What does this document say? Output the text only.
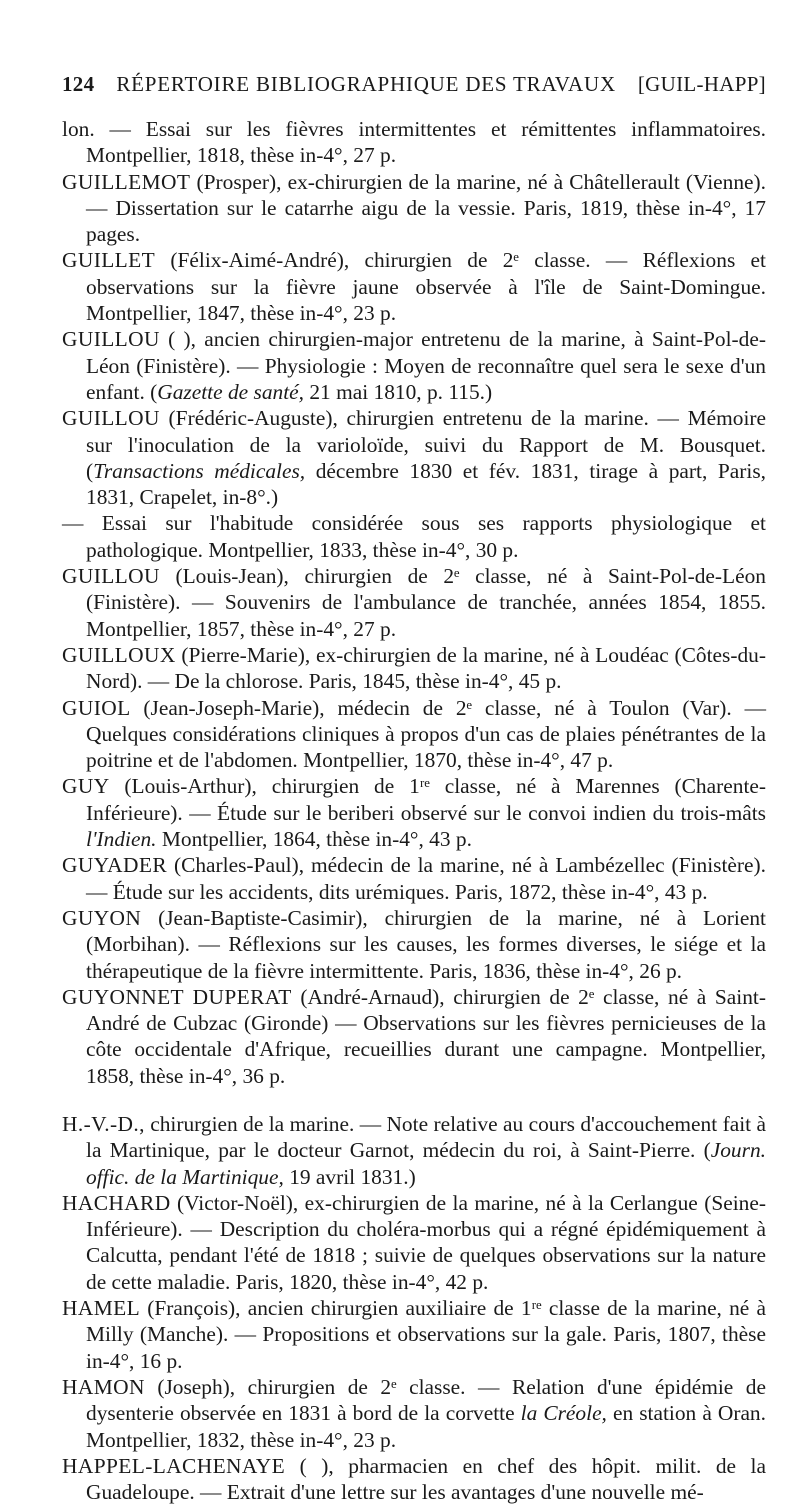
124 RÉPERTOIRE BIBLIOGRAPHIQUE DES TRAVAUX [GUIL-HAPP]

lon. — Essai sur les fièvres intermittentes et rémittentes inflammatoires. Montpellier, 1818, thèse in-4°, 27 p.

GUILLEMOT (Prosper), ex-chirurgien de la marine, né à Châtellerault (Vienne). — Dissertation sur le catarrhe aigu de la vessie. Paris, 1819, thèse in-4°, 17 pages.

GUILLET (Félix-Aimé-André), chirurgien de 2ᵉ classe. — Réflexions et observations sur la fièvre jaune observée à l'île de Saint-Domingue. Montpellier, 1847, thèse in-4°, 23 p.

GUILLOU ( ), ancien chirurgien-major entretenu de la marine, à Saint-Pol-de-Léon (Finistère). — Physiologie : Moyen de reconnaître quel sera le sexe d'un enfant. (Gazette de santé, 21 mai 1810, p. 115.)

GUILLOU (Frédéric-Auguste), chirurgien entretenu de la marine. — Mémoire sur l'inoculation de la varioloïde, suivi du Rapport de M. Bousquet. (Transactions médicales, décembre 1830 et fév. 1831, tirage à part, Paris, 1831, Crapelet, in-8°.)

— Essai sur l'habitude considérée sous ses rapports physiologique et pathologique. Montpellier, 1833, thèse in-4°, 30 p.

GUILLOU (Louis-Jean), chirurgien de 2ᵉ classe, né à Saint-Pol-de-Léon (Finistère). — Souvenirs de l'ambulance de tranchée, années 1854, 1855. Montpellier, 1857, thèse in-4°, 27 p.

GUILLOUX (Pierre-Marie), ex-chirurgien de la marine, né à Loudéac (Côtes-du-Nord). — De la chlorose. Paris, 1845, thèse in-4°, 45 p.

GUIOL (Jean-Joseph-Marie), médecin de 2ᵉ classe, né à Toulon (Var). — Quelques considérations cliniques à propos d'un cas de plaies pénétrantes de la poitrine et de l'abdomen. Montpellier, 1870, thèse in-4°, 47 p.

GUY (Louis-Arthur), chirurgien de 1ʳᵉ classe, né à Marennes (Charente-Inférieure). — Étude sur le beriberi observé sur le convoi indien du trois-mâts l'Indien. Montpellier, 1864, thèse in-4°, 43 p.

GUYADER (Charles-Paul), médecin de la marine, né à Lambézellec (Finistère). — Étude sur les accidents, dits urémiques. Paris, 1872, thèse in-4°, 43 p.

GUYON (Jean-Baptiste-Casimir), chirurgien de la marine, né à Lorient (Morbihan). — Réflexions sur les causes, les formes diverses, le siége et la thérapeutique de la fièvre intermittente. Paris, 1836, thèse in-4°, 26 p.

GUYONNET DUPERAT (André-Arnaud), chirurgien de 2ᵉ classe, né à Saint-André de Cubzac (Gironde) — Observations sur les fièvres pernicieuses de la côte occidentale d'Afrique, recueillies durant une campagne. Montpellier, 1858, thèse in-4°, 36 p.

H.-V.-D., chirurgien de la marine. — Note relative au cours d'accouchement fait à la Martinique, par le docteur Garnot, médecin du roi, à Saint-Pierre. (Journ. offic. de la Martinique, 19 avril 1831.)

HACHARD (Victor-Noël), ex-chirurgien de la marine, né à la Cerlangue (Seine-Inférieure). — Description du choléra-morbus qui a régné épidémiquement à Calcutta, pendant l'été de 1818 ; suivie de quelques observations sur la nature de cette maladie. Paris, 1820, thèse in-4°, 42 p.

HAMEL (François), ancien chirurgien auxiliaire de 1ʳᵉ classe de la marine, né à Milly (Manche). — Propositions et observations sur la gale. Paris, 1807, thèse in-4°, 16 p.

HAMON (Joseph), chirurgien de 2ᵉ classe. — Relation d'une épidémie de dysenterie observée en 1831 à bord de la corvette la Créole, en station à Oran. Montpellier, 1832, thèse in-4°, 23 p.

HAPPEL-LACHENAYE ( ), pharmacien en chef des hôpit. milit. de la Guadeloupe. — Extrait d'une lettre sur les avantages d'une nouvelle mé-
